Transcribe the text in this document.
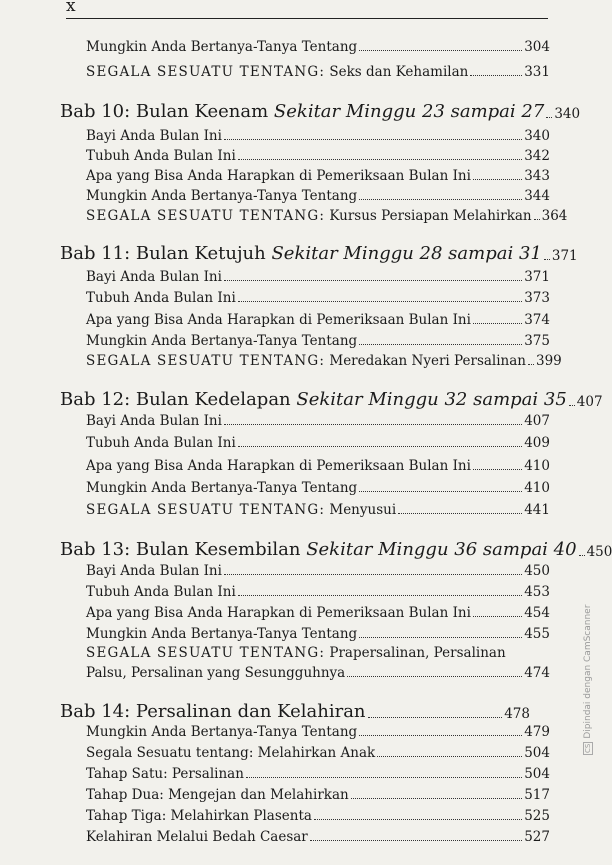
x
Mungkin Anda Bertanya-Tanya Tentang	304
SEGALA SESUATU TENTANG:
Seks dan Kehamilan	331
Bab 10: Bulan Keenam
Sekitar Minggu 23 sampai 27 340
Bayi Anda Bulan Ini	340
Tubuh Anda Bulan Ini	342
Apa yang Bisa Anda Harapkan di Pemeriksaan Bulan Ini	343
Mungkin Anda Bertanya-Tanya Tentang	344
SEGALA SESUATU TENTANG:
Kursus Persiapan Melahirkan 364
Bab 11: Bulan Ketujuh
Sekitar Minggu 28 sampai 31 371
Bayi Anda Bulan Ini	371
Tubuh Anda Bulan Ini	373
Apa yang Bisa Anda Harapkan di Pemeriksaan Bulan Ini	374
Mungkin Anda Bertanya-Tanya Tentang	375
SEGALA SESUATU TENTANG:
Meredakan Nyeri Persalinan 399
Bab 12: Bulan Kedelapan
Sekitar Minggu 32 sampai 35 407
Bayi Anda Bulan Ini	407
Tubuh Anda Bulan Ini	409
Apa yang Bisa Anda Harapkan di Pemeriksaan Bulan Ini	410
Mungkin Anda Bertanya-Tanya Tentang	410
SEGALA SESUATU TENTANG:
Menyusui	441
Bab 13: Bulan Kesembilan
Sekitar Minggu 36 sampai 40 450
Bayi Anda Bulan Ini	450
Tubuh Anda Bulan Ini	453
Apa yang Bisa Anda Harapkan di Pemeriksaan Bulan Ini	454
Mungkin Anda Bertanya-Tanya Tentang	455
SEGALA SESUATU TENTANG:
Prapersalinan, Persalinan
Palsu, Persalinan yang Sesungguhnya	474
Bab 14: Persalinan dan Kelahiran	478
Mungkin Anda Bertanya-Tanya Tentang	479
Segala Sesuatu tentang: Melahirkan Anak	504
Tahap Satu: Persalinan	504
Tahap Dua: Mengejan dan Melahirkan	517
Tahap Tiga: Melahirkan Plasenta	525
Kelahiran Melalui Bedah Caesar	527
CSDipindai dengan CamScanner
